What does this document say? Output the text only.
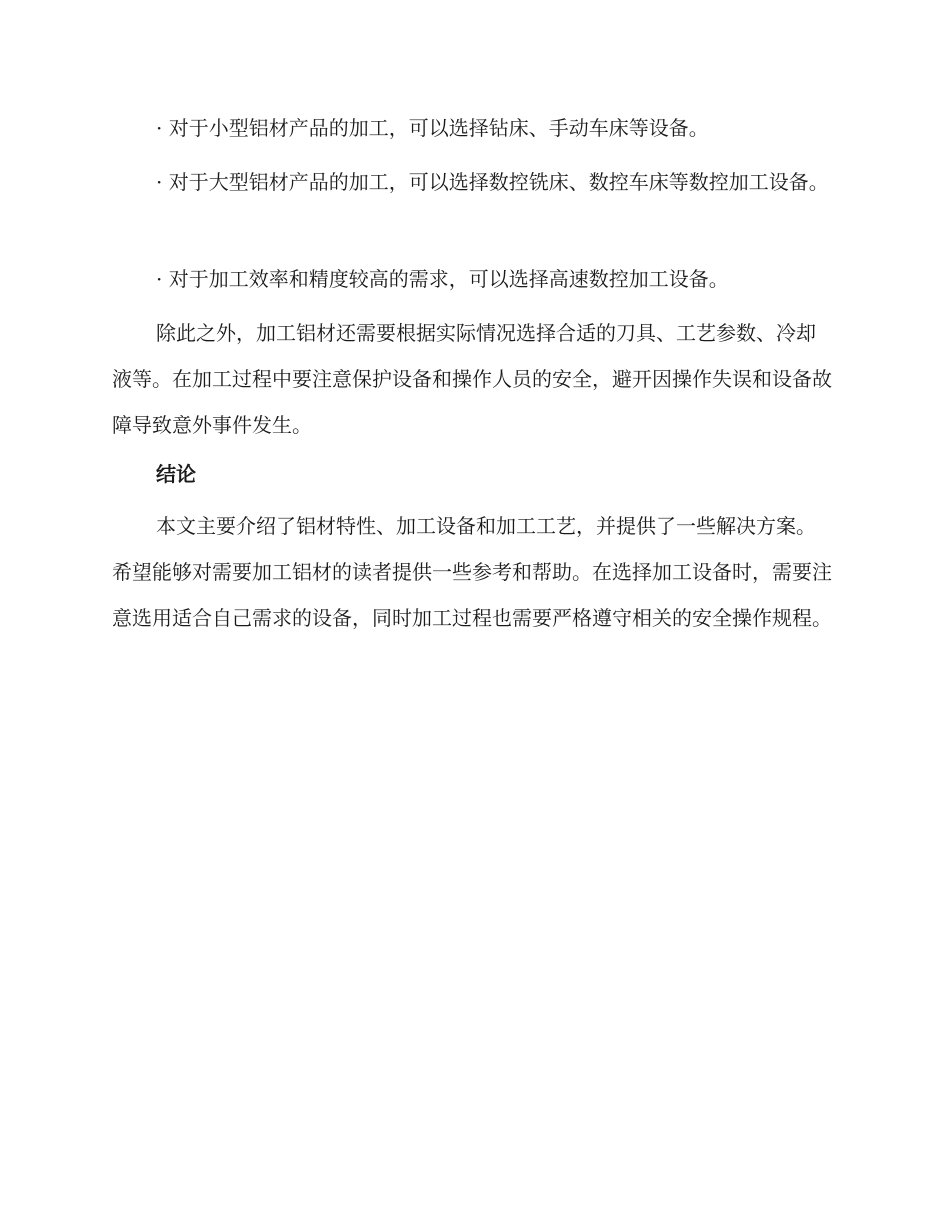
· 对于小型铝材产品的加工，可以选择钻床、手动车床等设备。

· 对于大型铝材产品的加工，可以选择数控铣床、数控车床等数控加工设备。

· 对于加工效率和精度较高的需求，可以选择高速数控加工设备。

除此之外，加工铝材还需要根据实际情况选择合适的刀具、工艺参数、冷却液等。在加工过程中要注意保护设备和操作人员的安全，避开因操作失误和设备故障导致意外事件发生。

结论

本文主要介绍了铝材特性、加工设备和加工工艺，并提供了一些解决方案。希望能够对需要加工铝材的读者提供一些参考和帮助。在选择加工设备时，需要注意选用适合自己需求的设备，同时加工过程也需要严格遵守相关的安全操作规程。
